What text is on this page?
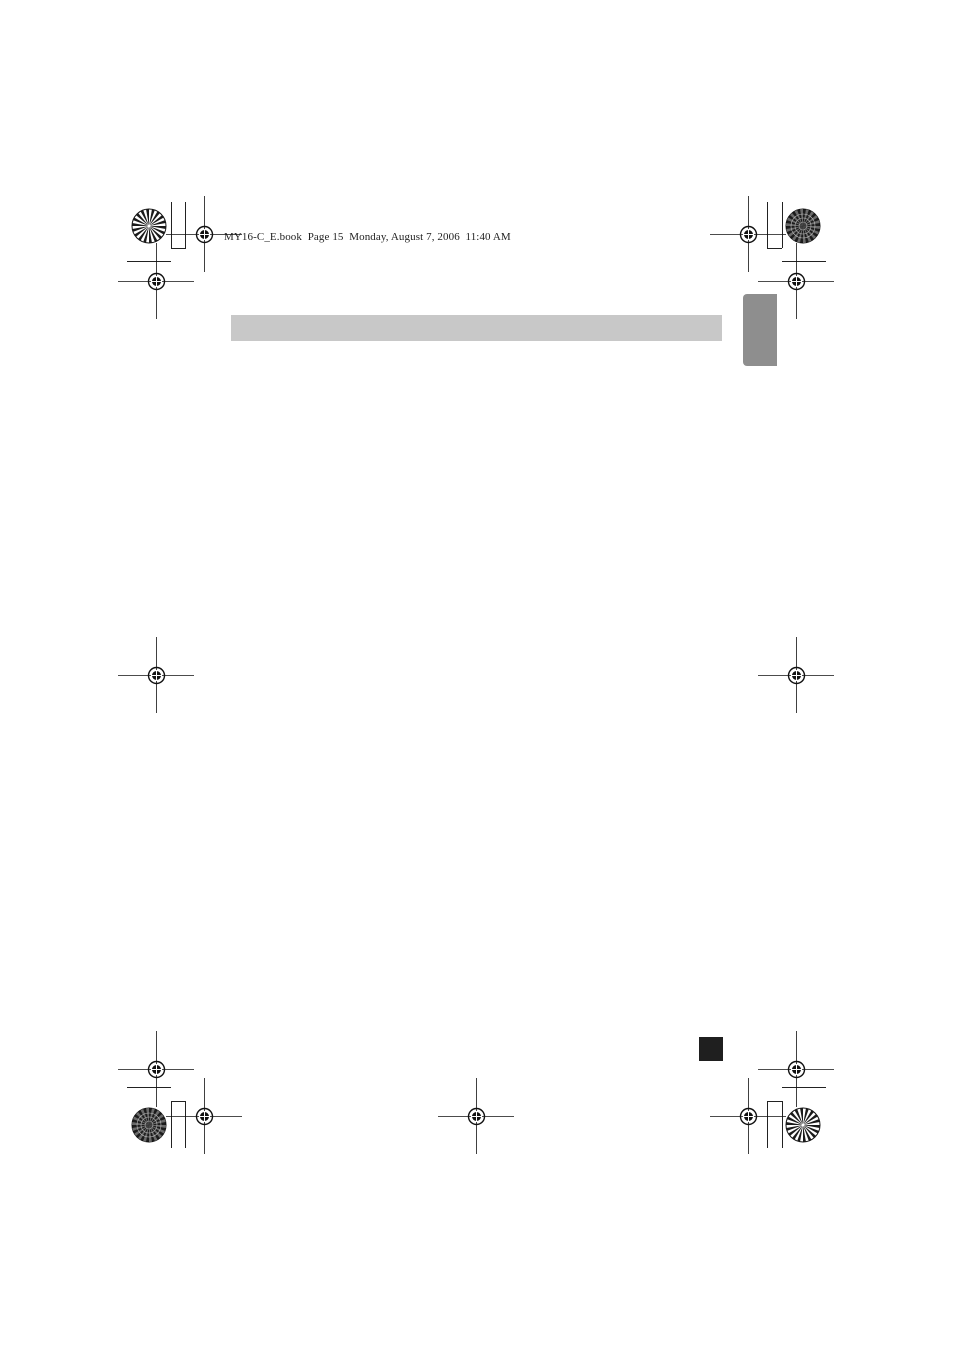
MY16-C_E.book  Page 15  Monday, August 7, 2006  11:40 AM
